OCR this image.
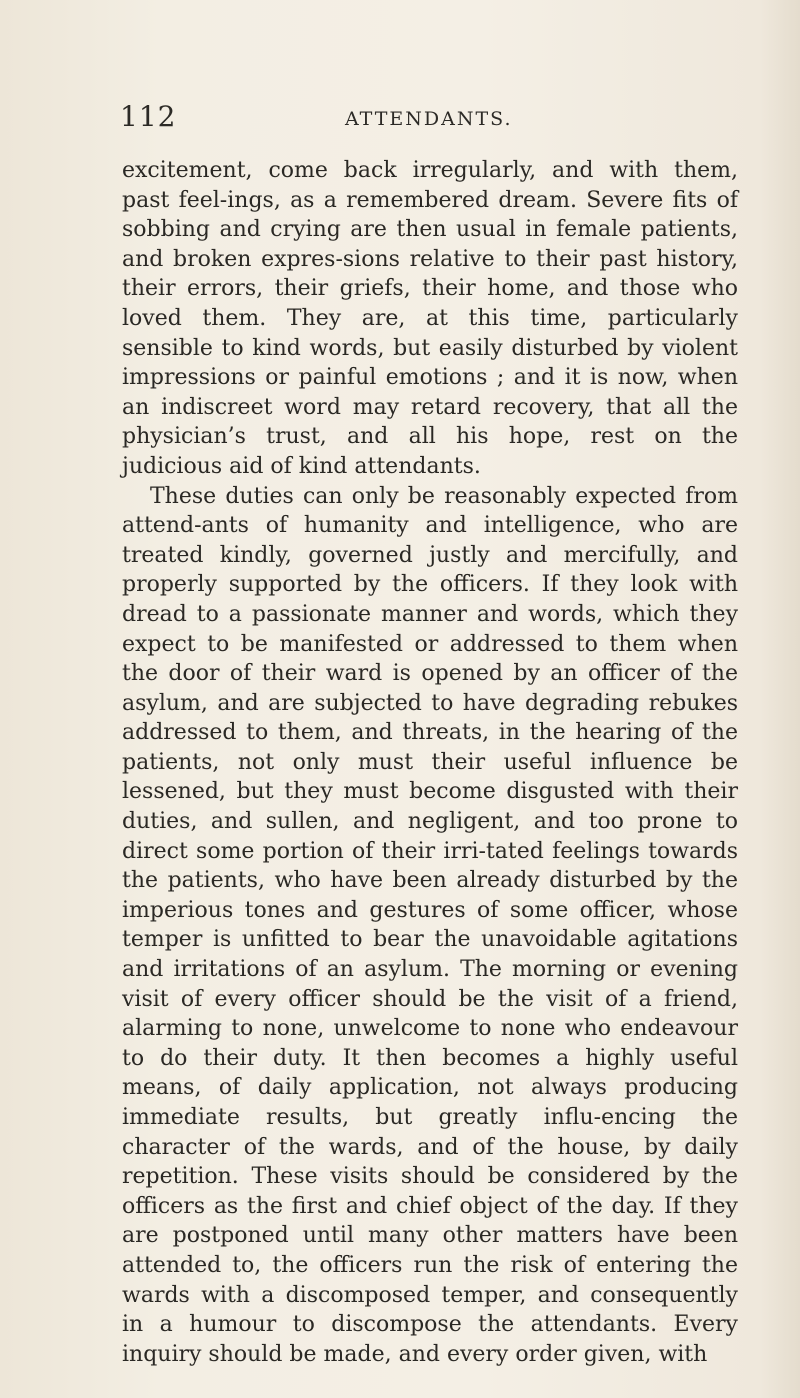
112	ATTENDANTS.

excitement, come back irregularly, and with them, past feel-ings, as a remembered dream. Severe fits of sobbing and crying are then usual in female patients, and broken expres-sions relative to their past history, their errors, their griefs, their home, and those who loved them. They are, at this time, particularly sensible to kind words, but easily disturbed by violent impressions or painful emotions ; and it is now, when an indiscreet word may retard recovery, that all the physician’s trust, and all his hope, rest on the judicious aid of kind attendants.

These duties can only be reasonably expected from attend-ants of humanity and intelligence, who are treated kindly, governed justly and mercifully, and properly supported by the officers. If they look with dread to a passionate manner and words, which they expect to be manifested or addressed to them when the door of their ward is opened by an officer of the asylum, and are subjected to have degrading rebukes addressed to them, and threats, in the hearing of the patients, not only must their useful influence be lessened, but they must become disgusted with their duties, and sullen, and negligent, and too prone to direct some portion of their irri-tated feelings towards the patients, who have been already disturbed by the imperious tones and gestures of some officer, whose temper is unfitted to bear the unavoidable agitations and irritations of an asylum. The morning or evening visit of every officer should be the visit of a friend, alarming to none, unwelcome to none who endeavour to do their duty. It then becomes a highly useful means, of daily application, not always producing immediate results, but greatly influ-encing the character of the wards, and of the house, by daily repetition. These visits should be considered by the officers as the first and chief object of the day. If they are postponed until many other matters have been attended to, the officers run the risk of entering the wards with a discomposed temper, and consequently in a humour to discompose the attendants. Every inquiry should be made, and every order given, with
